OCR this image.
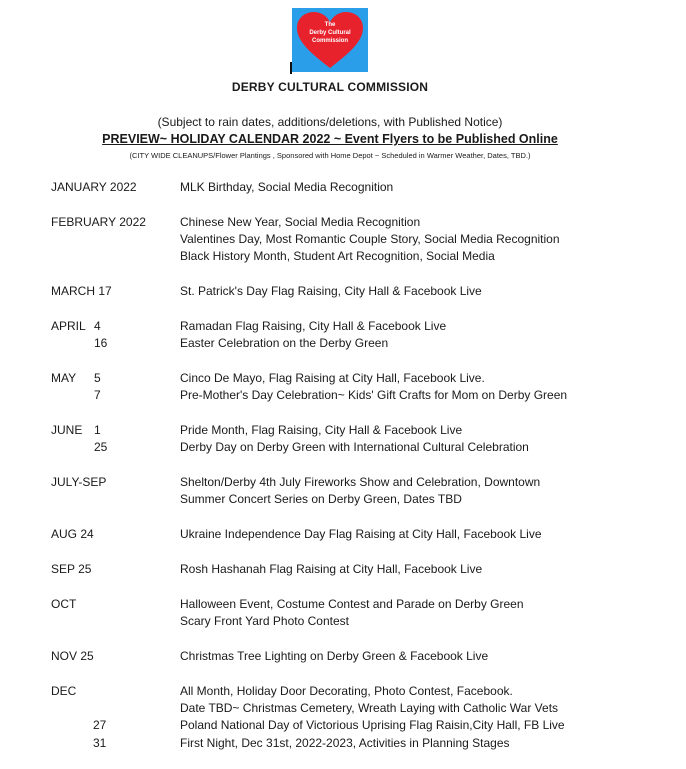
The
Derby Cultural
Commission
DERBY CULTURAL COMMISSION
(Subject to rain dates, additions/deletions, with Published Notice)
PREVIEW~ HOLIDAY CALENDAR 2022 ~ Event Flyers to be Published Online
(CITY WIDE CLEANUPS/Flower Plantings , Sponsored with Home Depot ~ Scheduled in Warmer Weather, Dates, TBD.)
JANUARY 2022	MLK Birthday, Social Media Recognition
FEBRUARY 2022	Chinese New Year, Social Media Recognition
Valentines Day, Most Romantic Couple Story, Social Media Recognition
Black History Month, Student Art Recognition, Social Media
MARCH 17	St. Patrick's Day Flag Raising, City Hall & Facebook Live
APRIL 4	Ramadan Flag Raising, City Hall & Facebook Live
16	Easter Celebration on the Derby Green
MAY 5	Cinco De Mayo, Flag Raising at City Hall, Facebook Live.
7	Pre-Mother's Day Celebration~ Kids' Gift Crafts for Mom on Derby Green
JUNE 1	Pride Month, Flag Raising, City Hall & Facebook Live
25	Derby Day on Derby Green with International Cultural Celebration
JULY-SEP	Shelton/Derby 4th July Fireworks Show and Celebration, Downtown
Summer Concert Series on Derby Green, Dates TBD
AUG 24	Ukraine Independence Day Flag Raising at City Hall, Facebook Live
SEP 25	Rosh Hashanah Flag Raising at City Hall, Facebook Live
OCT	Halloween Event, Costume Contest and Parade on Derby Green
Scary Front Yard Photo Contest
NOV 25	Christmas Tree Lighting on Derby Green & Facebook Live
DEC	All Month, Holiday Door Decorating, Photo Contest, Facebook.
Date TBD~ Christmas Cemetery, Wreath Laying with Catholic War Vets
27	Poland National Day of Victorious Uprising Flag Raisin,City Hall, FB Live
31	First Night, Dec 31st, 2022-2023, Activities in Planning Stages
